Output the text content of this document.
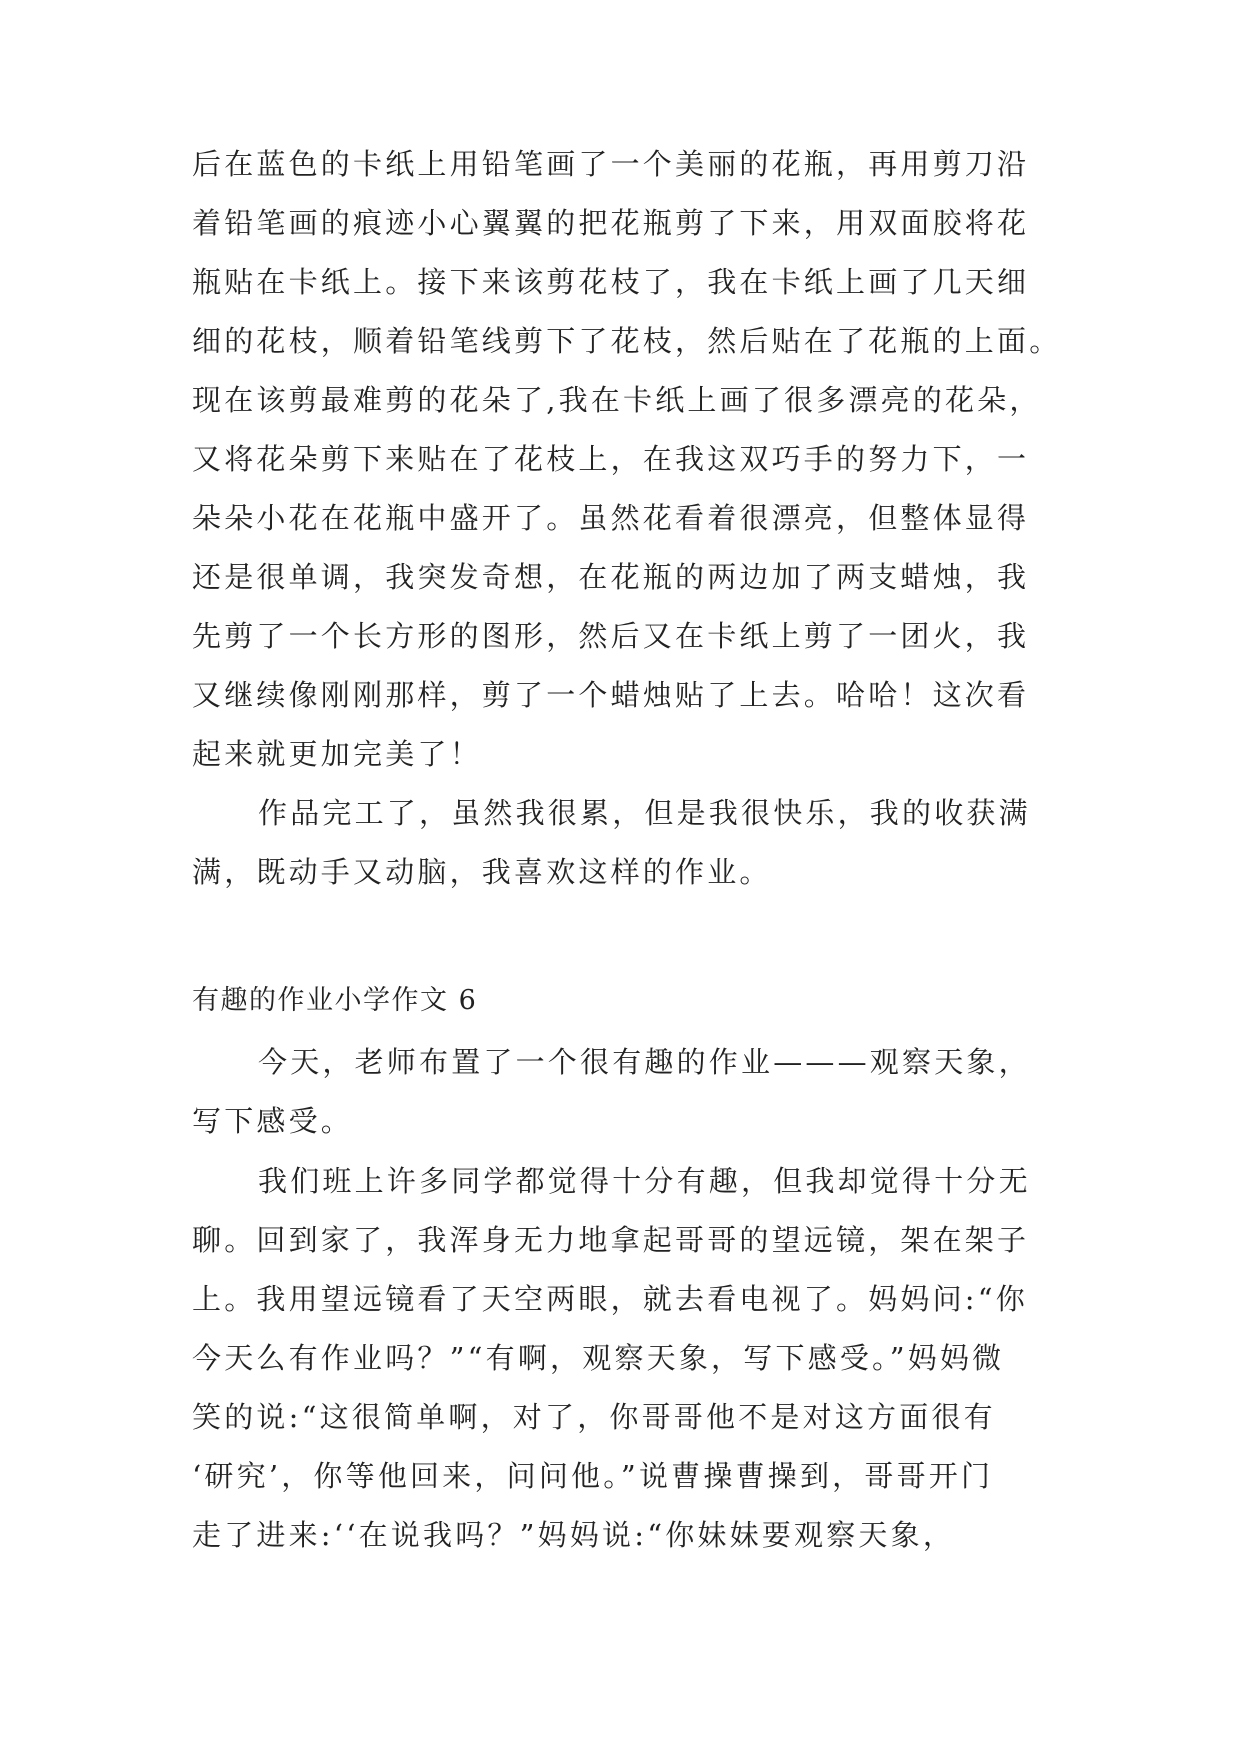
后在蓝色的卡纸上用铅笔画了一个美丽的花瓶，再用剪刀沿
着铅笔画的痕迹小心翼翼的把花瓶剪了下来，用双面胶将花
瓶贴在卡纸上。接下来该剪花枝了，我在卡纸上画了几天细
细的花枝，顺着铅笔线剪下了花枝，然后贴在了花瓶的上面。
现在该剪最难剪的花朵了,我在卡纸上画了很多漂亮的花朵，
又将花朵剪下来贴在了花枝上，在我这双巧手的努力下，一
朵朵小花在花瓶中盛开了。虽然花看着很漂亮，但整体显得
还是很单调，我突发奇想，在花瓶的两边加了两支蜡烛，我
先剪了一个长方形的图形，然后又在卡纸上剪了一团火，我
又继续像刚刚那样，剪了一个蜡烛贴了上去。哈哈！这次看
起来就更加完美了！
作品完工了，虽然我很累，但是我很快乐，我的收获满
满，既动手又动脑，我喜欢这样的作业。
有趣的作业小学作文 6
今天，老师布置了一个很有趣的作业———观察天象，
写下感受。
我们班上许多同学都觉得十分有趣，但我却觉得十分无
聊。回到家了，我浑身无力地拿起哥哥的望远镜，架在架子
上。我用望远镜看了天空两眼，就去看电视了。妈妈问:“你
今天么有作业吗？”“有啊，观察天象，写下感受。”妈妈微
笑的说:“这很简单啊，对了，你哥哥他不是对这方面很有
‘研究’，你等他回来，问问他。”说曹操曹操到，哥哥开门
走了进来:‘‘在说我吗？”妈妈说:“你妹妹要观察天象，
